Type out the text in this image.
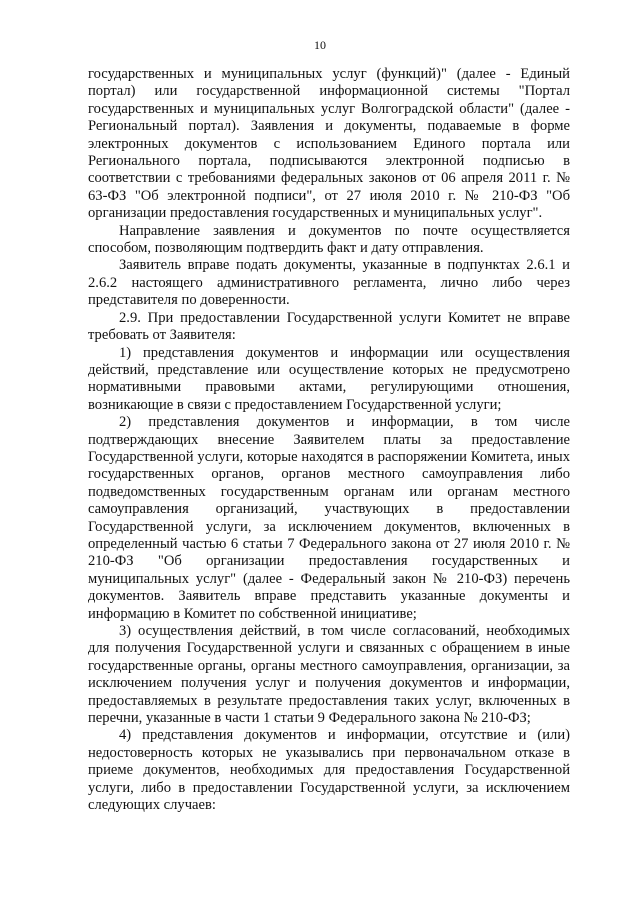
10

государственных и муниципальных услуг (функций)" (далее - Единый портал) или государственной информационной системы "Портал государственных и муниципальных услуг Волгоградской области" (далее - Региональный портал). Заявления и документы, подаваемые в форме электронных документов с использованием Единого портала или Регионального портала, подписываются электронной подписью в соответствии с требованиями федеральных законов от 06 апреля 2011 г. № 63-ФЗ "Об электронной подписи", от 27 июля 2010 г. № 210-ФЗ "Об организации предоставления государственных и муниципальных услуг".

Направление заявления и документов по почте осуществляется способом, позволяющим подтвердить факт и дату отправления.

Заявитель вправе подать документы, указанные в подпунктах 2.6.1 и 2.6.2 настоящего административного регламента, лично либо через представителя по доверенности.

2.9. При предоставлении Государственной услуги Комитет не вправе требовать от Заявителя:

1) представления документов и информации или осуществления действий, представление или осуществление которых не предусмотрено нормативными правовыми актами, регулирующими отношения, возникающие в связи с предоставлением Государственной услуги;

2) представления документов и информации, в том числе подтверждающих внесение Заявителем платы за предоставление Государственной услуги, которые находятся в распоряжении Комитета, иных государственных органов, органов местного самоуправления либо подведомственных государственным органам или органам местного самоуправления организаций, участвующих в предоставлении Государственной услуги, за исключением документов, включенных в определенный частью 6 статьи 7 Федерального закона от 27 июля 2010 г. № 210-ФЗ "Об организации предоставления государственных и муниципальных услуг" (далее - Федеральный закон № 210-ФЗ) перечень документов. Заявитель вправе представить указанные документы и информацию в Комитет по собственной инициативе;

3) осуществления действий, в том числе согласований, необходимых для получения Государственной услуги и связанных с обращением в иные государственные органы, органы местного самоуправления, организации, за исключением получения услуг и получения документов и информации, предоставляемых в результате предоставления таких услуг, включенных в перечни, указанные в части 1 статьи 9 Федерального закона № 210-ФЗ;

4) представления документов и информации, отсутствие и (или) недостоверность которых не указывались при первоначальном отказе в приеме документов, необходимых для предоставления Государственной услуги, либо в предоставлении Государственной услуги, за исключением следующих случаев:
